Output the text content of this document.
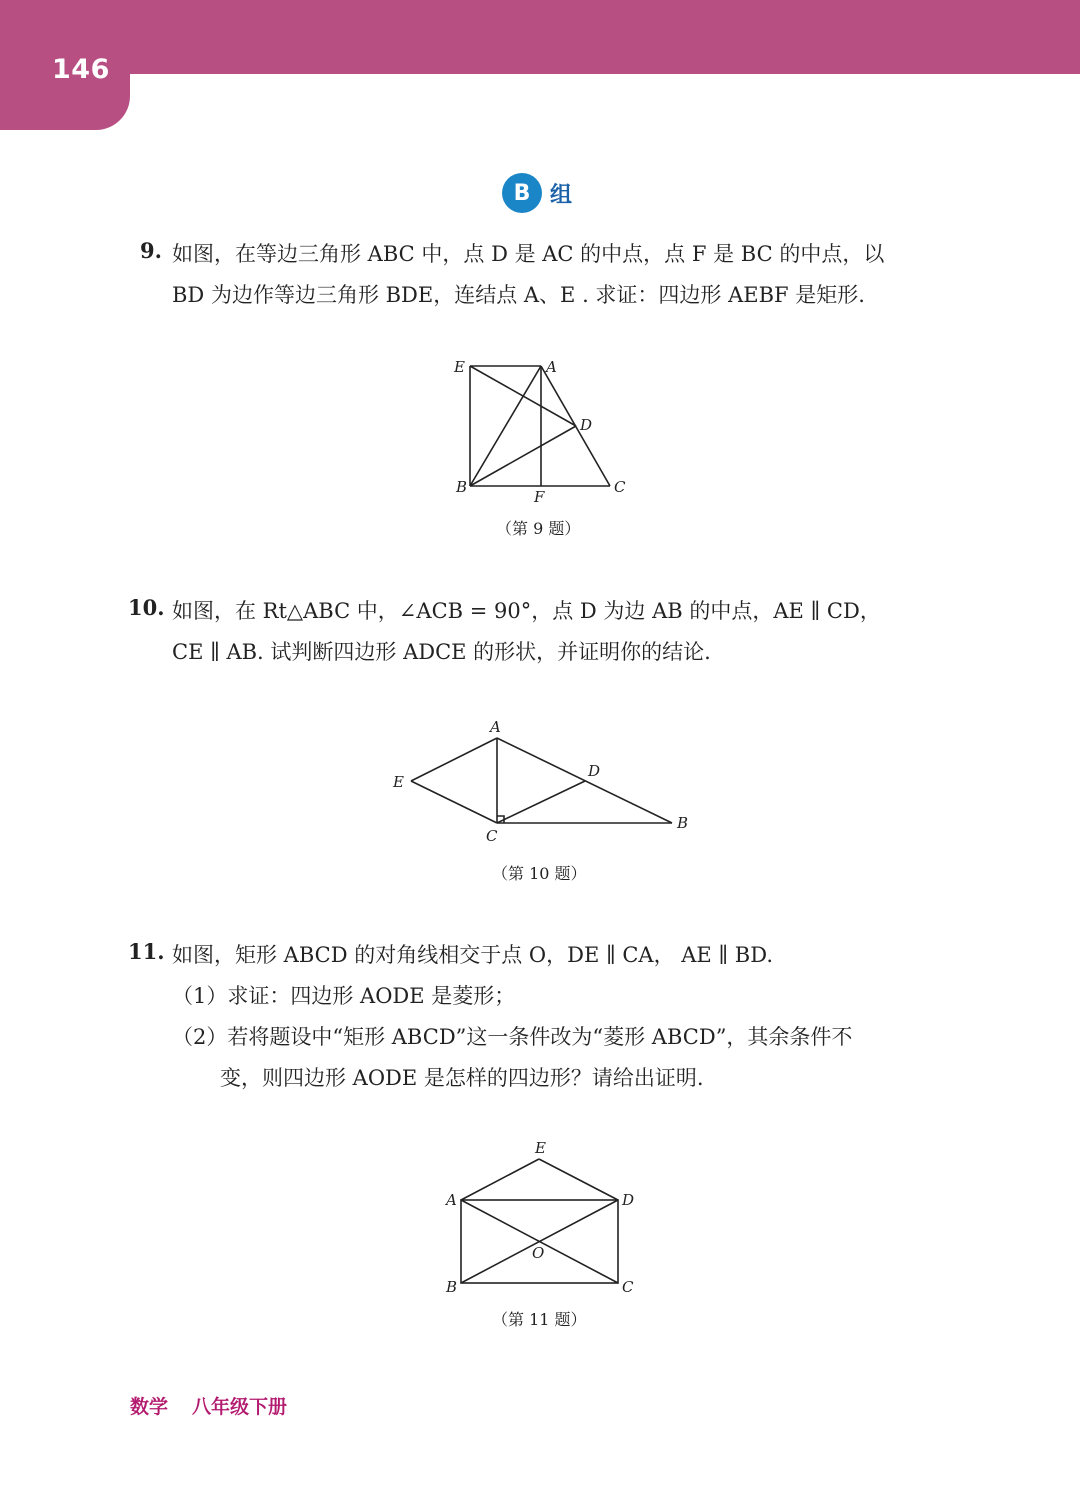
146
B 组
9. 如图，在等边三角形 ABC 中，点 D 是 AC 的中点，点 F 是 BC 的中点，以
BD 为边作等边三角形 BDE，连结点 A、E . 求证：四边形 AEBF 是矩形.
E	A
D
B
F
C
（第 9 题）
10. 如图，在 Rt△ABC 中，∠ACB = 90°，点 D 为边 AB 的中点，AE ∥ CD，
CE ∥ AB. 试判断四边形 ADCE 的形状，并证明你的结论.
A
E
D
C
B
（第 10 题）
11. 如图，矩形 ABCD 的对角线相交于点 O，DE ∥ CA， AE ∥ BD.
（1）求证：四边形 AODE 是菱形；
（2）若将题设中“矩形 ABCD”这一条件改为“菱形 ABCD”，其余条件不
变，则四边形 AODE 是怎样的四边形？请给出证明.
E
A	D
O
B	C
（第 11 题）
数学 八年级下册
